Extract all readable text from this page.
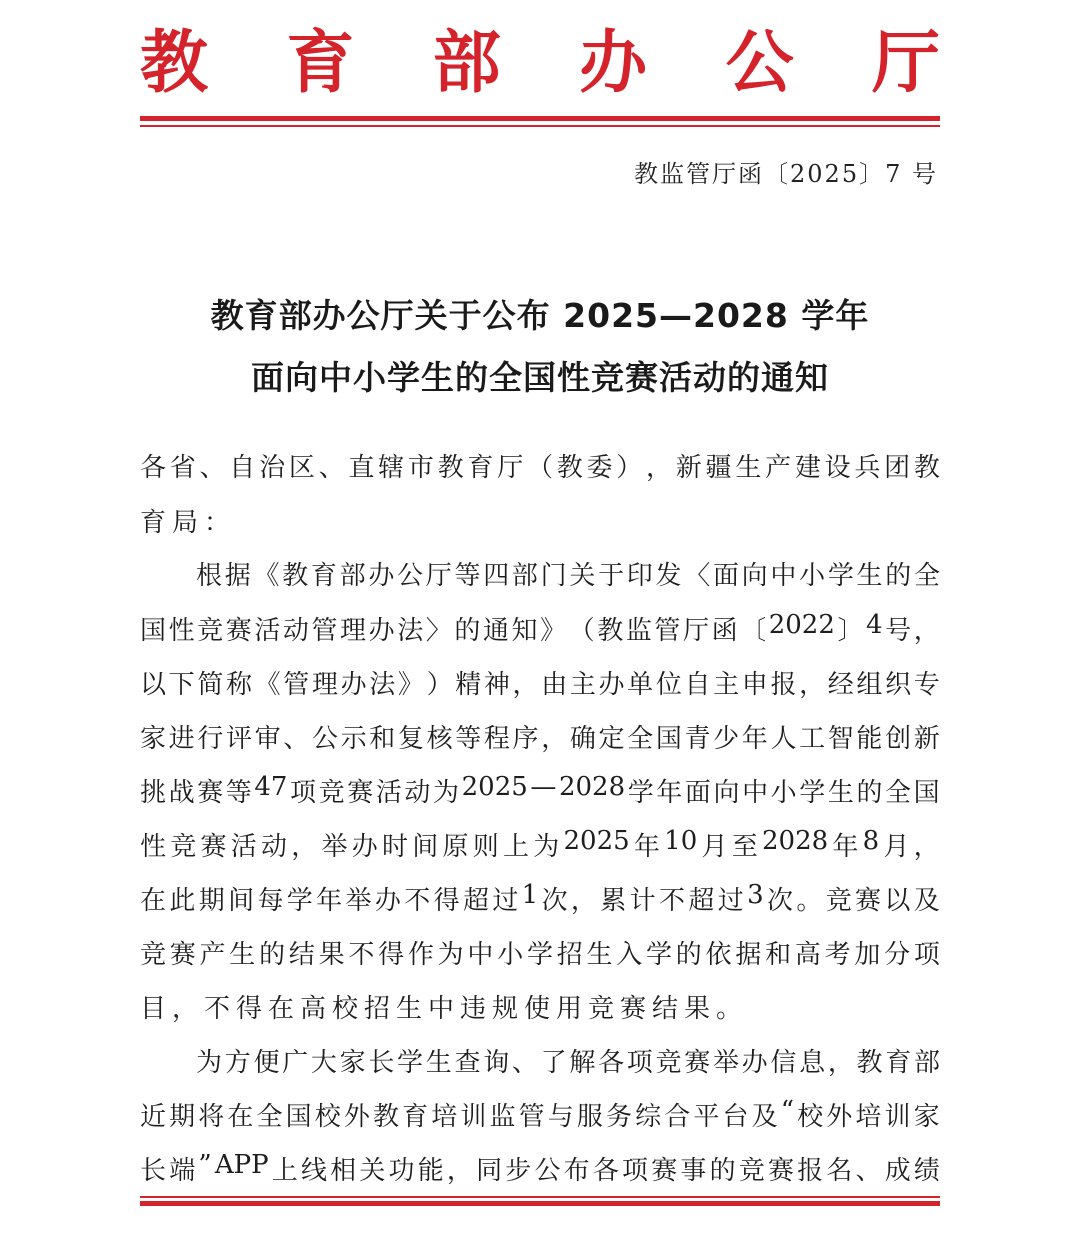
教 育 部 办 公 厅
教监管厅函〔2025〕7 号
教育部办公厅关于公布 2025—2028 学年
面向中小学生的全国性竞赛活动的通知
各 省 、 自 治 区 、 直 辖 市 教 育 厅 （ 教 委 ） ， 新 疆 生 产 建 设 兵 团 教
育局：
根 据 《 教 育 部 办 公 厅 等 四 部 门 关 于 印 发 〈 面 向 中 小 学 生 的 全
国 性 竞 赛 活 动 管 理 办 法 〉 的 通 知 》 （ 教 监 管 厅 函 〔 2022 〕 4 号 ，
以 下 简 称 《 管 理 办 法 》 ） 精 神 ， 由 主 办 单 位 自 主 申 报 ， 经 组 织 专
家 进 行 评 审 、 公 示 和 复 核 等 程 序 ， 确 定 全 国 青 少 年 人 工 智 能 创 新
挑 战 赛 等 47 项 竞 赛 活 动 为 2025 — 2028 学 年 面 向 中 小 学 生 的 全 国
性 竞 赛 活 动 ， 举 办 时 间 原 则 上 为 2025 年 10 月 至 2028 年 8 月 ，
在 此 期 间 每 学 年 举 办 不 得 超 过 1 次 ， 累 计 不 超 过 3 次 。 竞 赛 以 及
竞 赛 产 生 的 结 果 不 得 作 为 中 小 学 招 生 入 学 的 依 据 和 高 考 加 分 项
目，不得在高校招生中违规使用竞赛结果。
为 方 便 广 大 家 长 学 生 查 询 、 了 解 各 项 竞 赛 举 办 信 息 ， 教 育 部
近 期 将 在 全 国 校 外 教 育 培 训 监 管 与 服 务 综 合 平 台 及 “ 校 外 培 训 家
长 端 ” APP 上 线 相 关 功 能 ， 同 步 公 布 各 项 赛 事 的 竞 赛 报 名 、 成 绩
